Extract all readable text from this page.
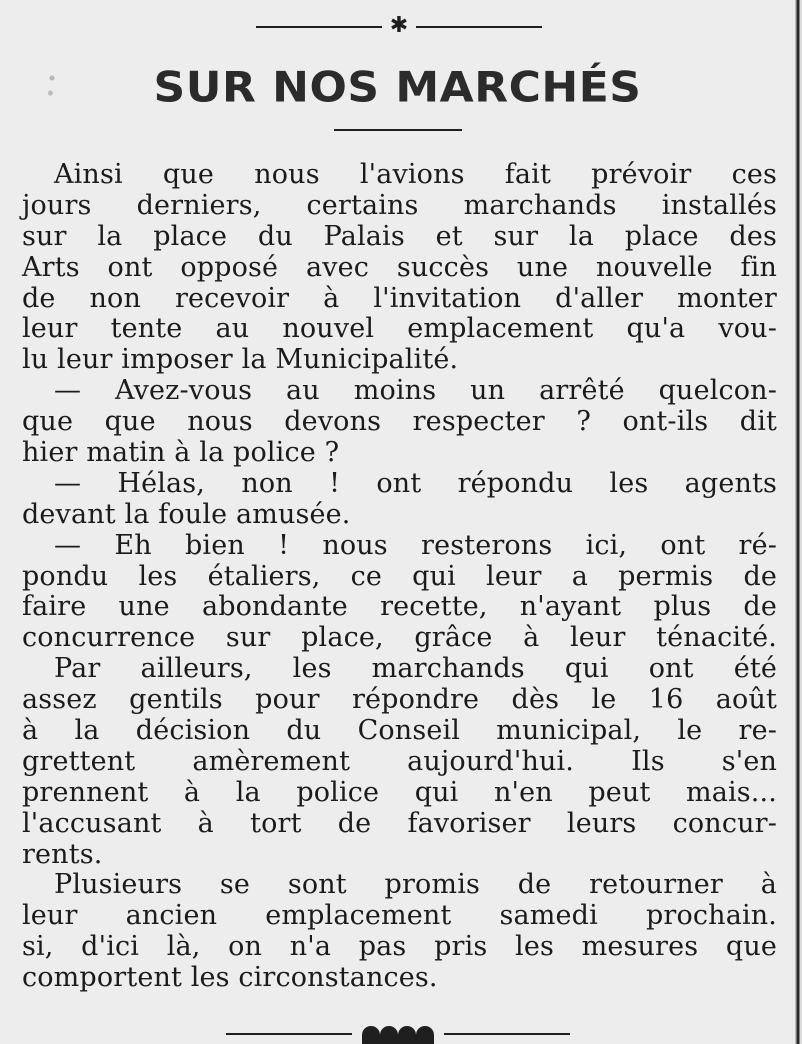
✱
SUR NOS MARCHÉS
Ainsi que nous l'avions fait prévoir ces
jours derniers, certains marchands installés
sur la place du Palais et sur la place des
Arts ont opposé avec succès une nouvelle fin
de non recevoir à l'invitation d'aller monter
leur tente au nouvel emplacement qu'a vou-
lu leur imposer la Municipalité.
— Avez-vous au moins un arrêté quelcon-
que que nous devons respecter ? ont-ils dit
hier matin à la police ?
— Hélas, non ! ont répondu les agents
devant la foule amusée.
— Eh bien ! nous resterons ici, ont ré-
pondu les étaliers, ce qui leur a permis de
faire une abondante recette, n'ayant plus de
concurrence sur place, grâce à leur ténacité.
Par ailleurs, les marchands qui ont été
assez gentils pour répondre dès le 16 août
à la décision du Conseil municipal, le re-
grettent amèrement aujourd'hui. Ils s'en
prennent à la police qui n'en peut mais...
l'accusant à tort de favoriser leurs concur-
rents.
Plusieurs se sont promis de retourner à
leur ancien emplacement samedi prochain.
si, d'ici là, on n'a pas pris les mesures que
comportent les circonstances.
